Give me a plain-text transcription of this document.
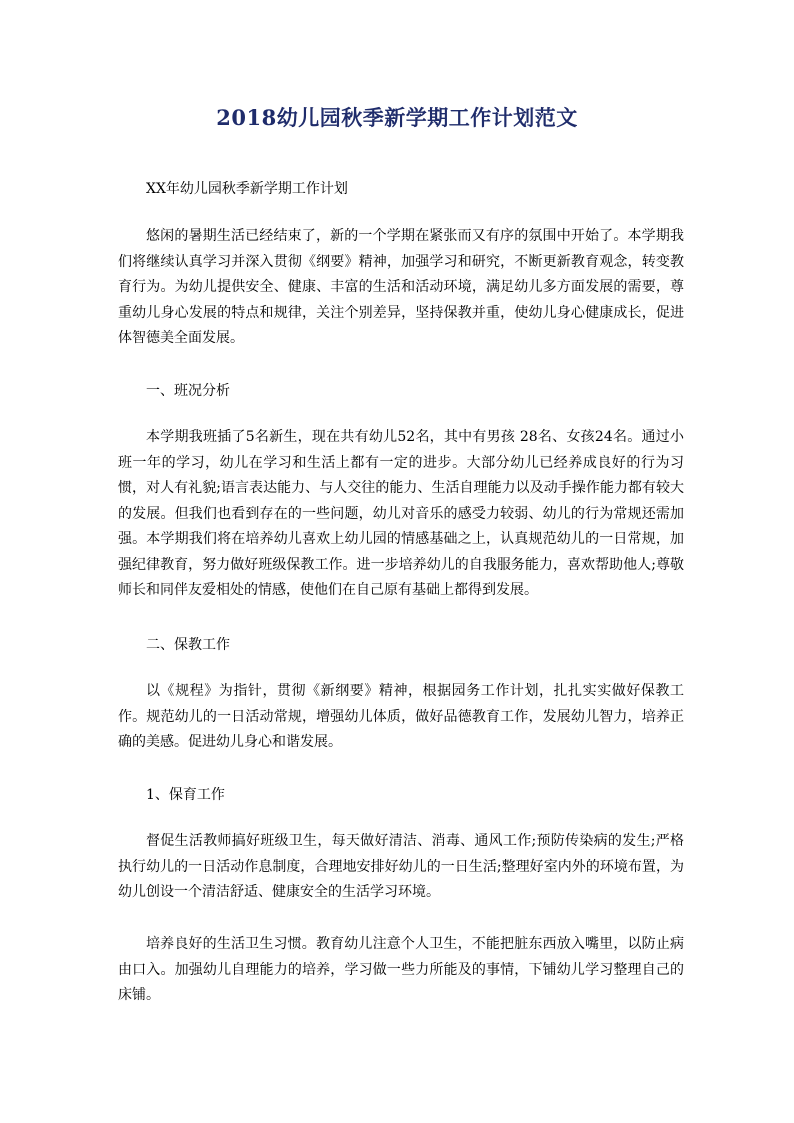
2018幼儿园秋季新学期工作计划范文

XX年幼儿园秋季新学期工作计划

悠闲的暑期生活已经结束了，新的一个学期在紧张而又有序的氛围中开始了。本学期我们将继续认真学习并深入贯彻《纲要》精神，加强学习和研究，不断更新教育观念，转变教育行为。为幼儿提供安全、健康、丰富的生活和活动环境，满足幼儿多方面发展的需要，尊重幼儿身心发展的特点和规律，关注个别差异，坚持保教并重，使幼儿身心健康成长，促进体智德美全面发展。

一、班况分析

本学期我班插了5名新生，现在共有幼儿52名，其中有男孩 28名、女孩24名。通过小班一年的学习，幼儿在学习和生活上都有一定的进步。大部分幼儿已经养成良好的行为习惯，对人有礼貌;语言表达能力、与人交往的能力、生活自理能力以及动手操作能力都有较大的发展。但我们也看到存在的一些问题，幼儿对音乐的感受力较弱、幼儿的行为常规还需加强。本学期我们将在培养幼儿喜欢上幼儿园的情感基础之上，认真规范幼儿的一日常规，加强纪律教育，努力做好班级保教工作。进一步培养幼儿的自我服务能力，喜欢帮助他人;尊敬师长和同伴友爱相处的情感，使他们在自己原有基础上都得到发展。

二、保教工作

以《规程》为指针，贯彻《新纲要》精神，根据园务工作计划，扎扎实实做好保教工作。规范幼儿的一日活动常规，增强幼儿体质，做好品德教育工作，发展幼儿智力，培养正确的美感。促进幼儿身心和谐发展。

1、保育工作

督促生活教师搞好班级卫生，每天做好清洁、消毒、通风工作;预防传染病的发生;严格执行幼儿的一日活动作息制度，合理地安排好幼儿的一日生活;整理好室内外的环境布置，为幼儿创设一个清洁舒适、健康安全的生活学习环境。

培养良好的生活卫生习惯。教育幼儿注意个人卫生，不能把脏东西放入嘴里，以防止病由口入。加强幼儿自理能力的培养，学习做一些力所能及的事情，下铺幼儿学习整理自己的床铺。
